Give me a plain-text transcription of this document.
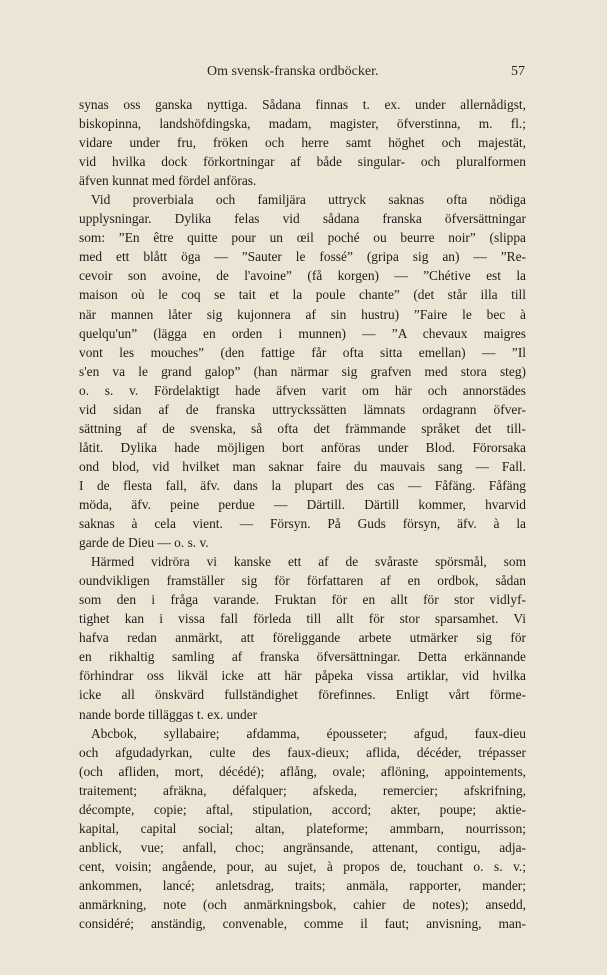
Om svensk-franska ordböcker.	57
synas oss ganska nyttiga. Sådana finnas t. ex. under allernådigst,
biskopinna, landshöfdingska, madam, magister, öfverstinna, m. fl.;
vidare under fru, fröken och herre samt höghet och majestät,
vid hvilka dock förkortningar af både singular- och pluralformen
äfven kunnat med fördel anföras.
Vid proverbiala och familjära uttryck saknas ofta nödiga
upplysningar. Dylika felas vid sådana franska öfversättningar
som: ”En être quitte pour un œil poché ou beurre noir” (slippa
med ett blått öga — ”Sauter le fossé” (gripa sig an) — ”Re-
cevoir son avoine, de l'avoine” (få korgen) — ”Chétive est la
maison où le coq se tait et la poule chante” (det står illa till
när mannen låter sig kujonnera af sin hustru) ”Faire le bec à
quelqu'un” (lägga en orden i munnen) — ”A chevaux maigres
vont les mouches” (den fattige får ofta sitta emellan) — ”Il
s'en va le grand galop” (han närmar sig grafven med stora steg)
o. s. v. Fördelaktigt hade äfven varit om här och annorstädes
vid sidan af de franska uttryckssätten lämnats ordagrann öfver-
sättning af de svenska, så ofta det främmande språket det till-
låtit. Dylika hade möjligen bort anföras under Blod. Förorsaka
ond blod, vid hvilket man saknar faire du mauvais sang — Fall.
I de flesta fall, äfv. dans la plupart des cas — Fåfäng. Fåfäng
möda, äfv. peine perdue — Därtill. Därtill kommer, hvarvid
saknas à cela vient. — Försyn. På Guds försyn, äfv. à la
garde de Dieu — o. s. v.
Härmed vidröra vi kanske ett af de svåraste spörsmål, som
oundvikligen framställer sig för författaren af en ordbok, sådan
som den i fråga varande. Fruktan för en allt för stor vidlyf-
tighet kan i vissa fall förleda till allt för stor sparsamhet. Vi
hafva redan anmärkt, att föreliggande arbete utmärker sig för
en rikhaltig samling af franska öfversättningar. Detta erkännande
förhindrar oss likväl icke att här påpeka vissa artiklar, vid hvilka
icke all önskvärd fullständighet förefinnes. Enligt vårt förme-
nande borde tilläggas t. ex. under
Abcbok, syllabaire; afdamma, épousseter; afgud, faux-dieu
och afgudadyrkan, culte des faux-dieux; aflida, décéder, trépasser
(och afliden, mort, décédé); aflång, ovale; aflöning, appointements,
traitement; afräkna, défalquer; afskeda, remercier; afskrifning,
décompte, copie; aftal, stipulation, accord; akter, poupe; aktie-
kapital, capital social; altan, plateforme; ammbarn, nourrisson;
anblick, vue; anfall, choc; angränsande, attenant, contigu, adja-
cent, voisin; angående, pour, au sujet, à propos de, touchant o. s. v.;
ankommen, lancé; anletsdrag, traits; anmäla, rapporter, mander;
anmärkning, note (och anmärkningsbok, cahier de notes); ansedd,
considéré; anständig, convenable, comme il faut; anvisning, man-
